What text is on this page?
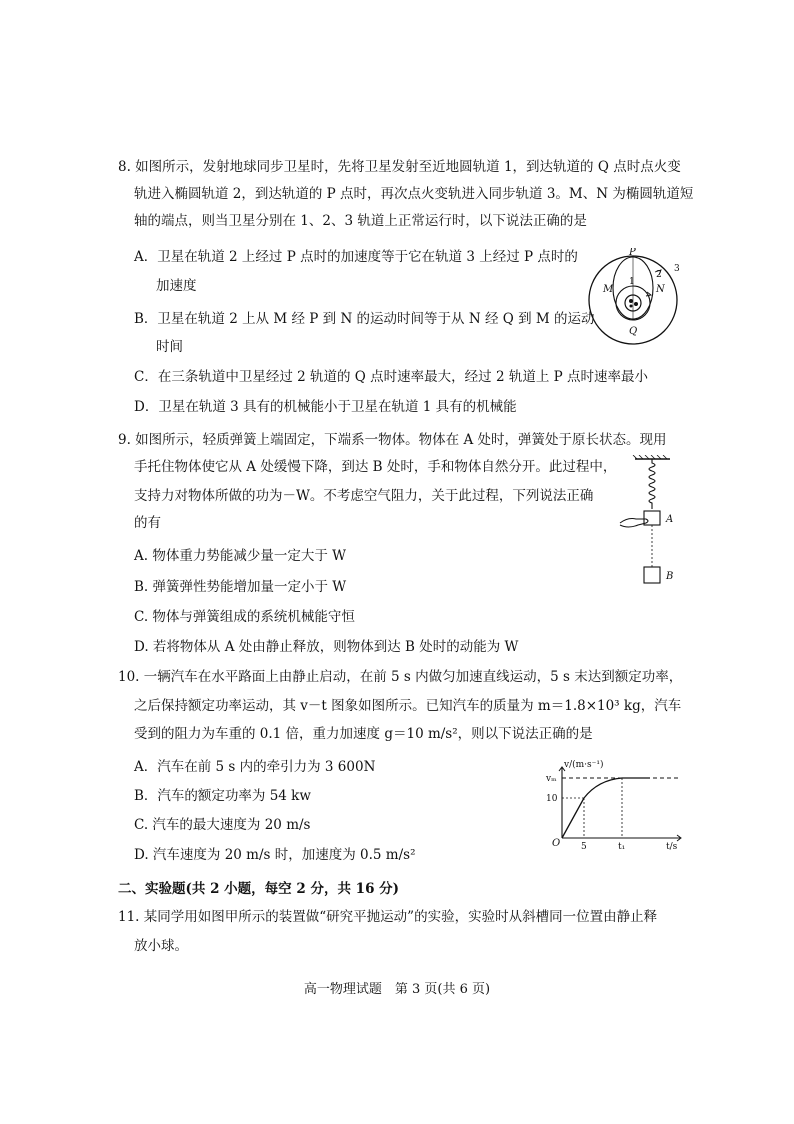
8. 如图所示，发射地球同步卫星时，先将卫星发射至近地圆轨道 1，到达轨道的 Q 点时点火变
轨进入椭圆轨道 2，到达轨道的 P 点时，再次点火变轨进入同步轨道 3。M、N 为椭圆轨道短
轴的端点，则当卫星分别在 1、2、3 轨道上正常运行时，以下说法正确的是
A．卫星在轨道 2 上经过 P 点时的加速度等于它在轨道 3 上经过 P 点时的
加速度
B．卫星在轨道 2 上从 M 经 P 到 N 的运动时间等于从 N 经 Q 到 M 的运动
时间
C．在三条轨道中卫星经过 2 轨道的 Q 点时速率最大，经过 2 轨道上 P 点时速率最小
D．卫星在轨道 3 具有的机械能小于卫星在轨道 1 具有的机械能
P
Q
M	N
1
2
3
9. 如图所示，轻质弹簧上端固定，下端系一物体。物体在 A 处时，弹簧处于原长状态。现用
手托住物体使它从 A 处缓慢下降，到达 B 处时，手和物体自然分开。此过程中，
支持力对物体所做的功为－W。不考虑空气阻力，关于此过程，下列说法正确
的有
A. 物体重力势能减少量一定大于 W
B. 弹簧弹性势能增加量一定小于 W
C. 物体与弹簧组成的系统机械能守恒
D. 若将物体从 A 处由静止释放，则物体到达 B 处时的动能为 W
A
B
10. 一辆汽车在水平路面上由静止启动，在前 5 s 内做匀加速直线运动，5 s 末达到额定功率，
之后保持额定功率运动，其 v－t 图象如图所示。已知汽车的质量为 m＝1.8×10³ kg，汽车
受到的阻力为车重的 0.1 倍，重力加速度 g＝10 m/s²，则以下说法正确的是
A．汽车在前 5 s 内的牵引力为 3 600N
B．汽车的额定功率为 54 kw
C. 汽车的最大速度为 20 m/s
D. 汽车速度为 20 m/s 时，加速度为 0.5 m/s²
v/(m·s⁻¹)
vₘ
10
O 5	t₁	t/s
二、实验题(共 2 小题，每空 2 分，共 16 分)
11. 某同学用如图甲所示的装置做“研究平抛运动”的实验，实验时从斜槽同一位置由静止释
放小球。
高一物理试题　第 3 页(共 6 页)
